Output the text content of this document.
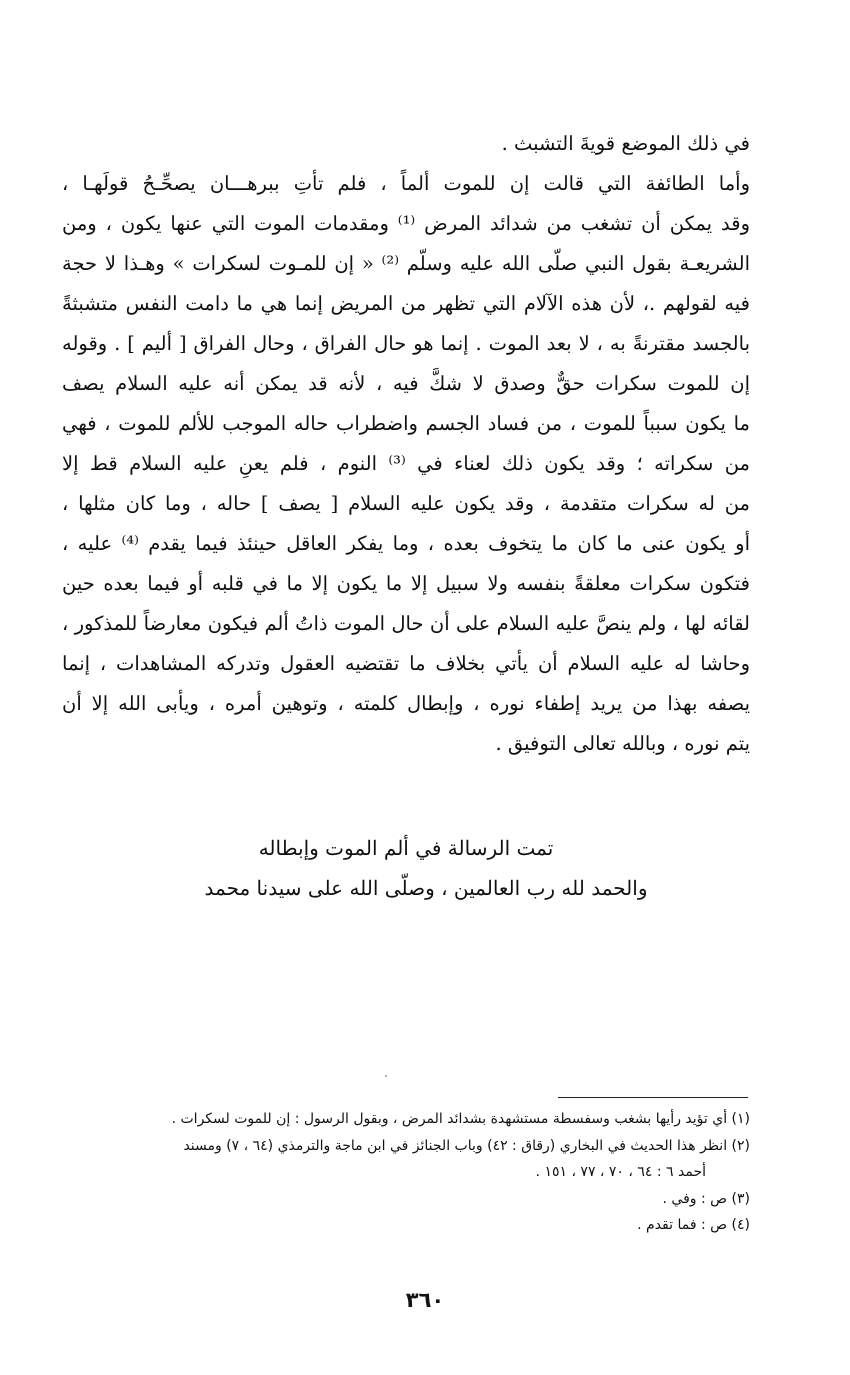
في ذلك الموضع قويةَ التشبث .
وأما الطائفة التي قالت إن للموت ألماً ، فلم تأتِ ببرهـــان يصحِّـحُ قولَهـا ،
وقد يمكن أن تشغب من شدائد المرض ⁽¹⁾ ومقدمات الموت التي عنها يكون ، ومن
الشريعـة بقول النبي صلّى الله عليه وسلّم ⁽²⁾ « إن للمـوت لسكرات » وهـذا لا حجة
فيه لقولهم .، لأن هذه الآلام التي تظهر من المريض إنما هي ما دامت النفس متشبثةً
بالجسد مقترنةً به ، لا بعد الموت . إنما هو حال الفراق ، وحال الفراق [ أليم ] . وقوله
إن للموت سكرات حقٌّ وصدق لا شكَّ فيه ، لأنه قد يمكن أنه عليه السلام يصف
ما يكون سبباً للموت ، من فساد الجسم واضطراب حاله الموجب للألم للموت ، فهي
من سكراته ؛ وقد يكون ذلك لعناء في ⁽³⁾ النوم ، فلم يعنِ عليه السلام قط إلا
من له سكرات متقدمة ، وقد يكون عليه السلام [ يصف ] حاله ، وما كان مثلها ،
أو يكون عنى ما كان ما يتخوف بعده ، وما يفكر العاقل حينئذ فيما يقدم ⁽⁴⁾ عليه ،
فتكون سكرات معلقةً بنفسه ولا سبيل إلا ما يكون إلا ما في قلبه أو فيما بعده حين
لقائه لها ، ولم ينصَّ عليه السلام على أن حال الموت ذاتُ ألم فيكون معارضاً للمذكور ،
وحاشا له عليه السلام أن يأتي بخلاف ما تقتضيه العقول وتدركه المشاهدات ، إنما
يصفه بهذا من يريد إطفاء نوره ، وإبطال كلمته ، وتوهين أمره ، ويأبى الله إلا أن
يتم نوره ، وبالله تعالى التوفيق .
تمت الرسالة في ألم الموت وإبطاله
والحمد لله رب العالمين ، وصلّى الله على سيدنا محمد
(١) أي تؤيد رأيها بشغب وسفسطة مستشهدة بشدائد المرض ، وبقول الرسول : إن للموت لسكرات .
(٢) انظر هذا الحديث في البخاري (رقاق : ٤٢) وباب الجنائز في ابن ماجة والترمذي (٦٤ ، ٧) ومسند
أحمد ٦ : ٦٤ ، ٧٠ ، ٧٧ ، ١٥١ .
(٣) ص : وفي .
(٤) ص : فما تقدم .
٣٦٠
